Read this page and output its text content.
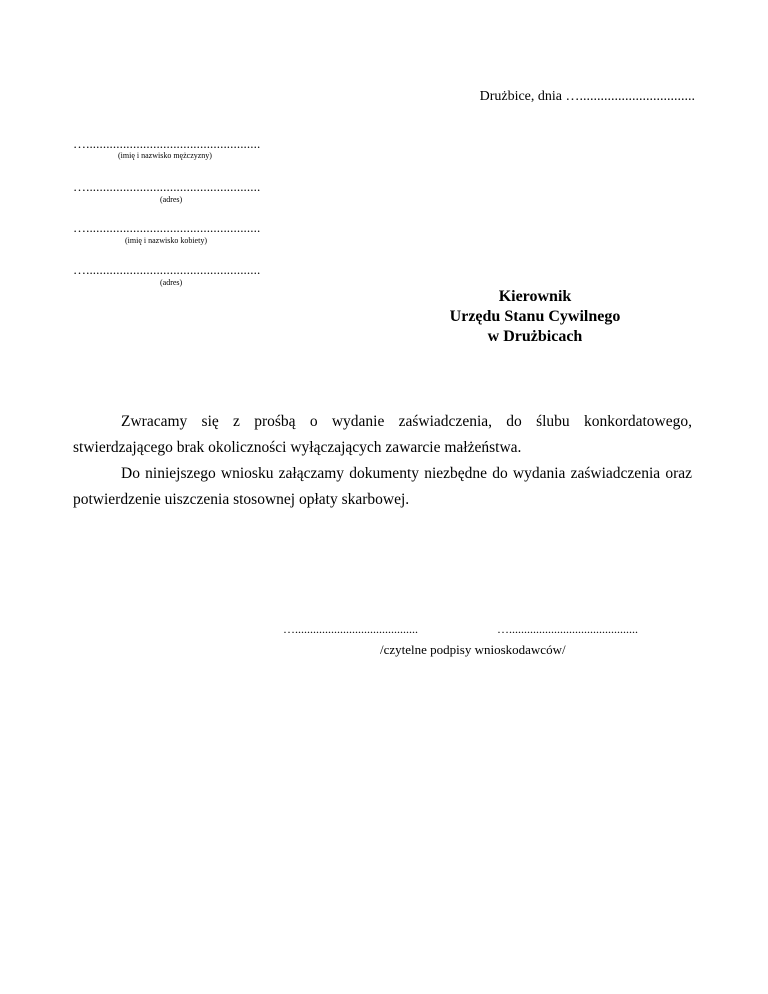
Drużbice, dnia ….................................
…....................................................
(imię i nazwisko mężczyzny)
…....................................................
(adres)
…....................................................
(imię i nazwisko kobiety)
…....................................................
(adres)
Kierownik
Urzędu Stanu Cywilnego
w Drużbicach

Zwracamy się z prośbą o wydanie zaświadczenia, do ślubu konkordatowego, stwierdzającego brak okoliczności wyłączających zawarcie małżeństwa.

Do niniejszego wniosku załączamy dokumenty niezbędne do wydania zaświadczenia oraz potwierdzenie uiszczenia stosownej opłaty skarbowej.

….........................................	…...........................................
/czytelne podpisy wnioskodawców/
